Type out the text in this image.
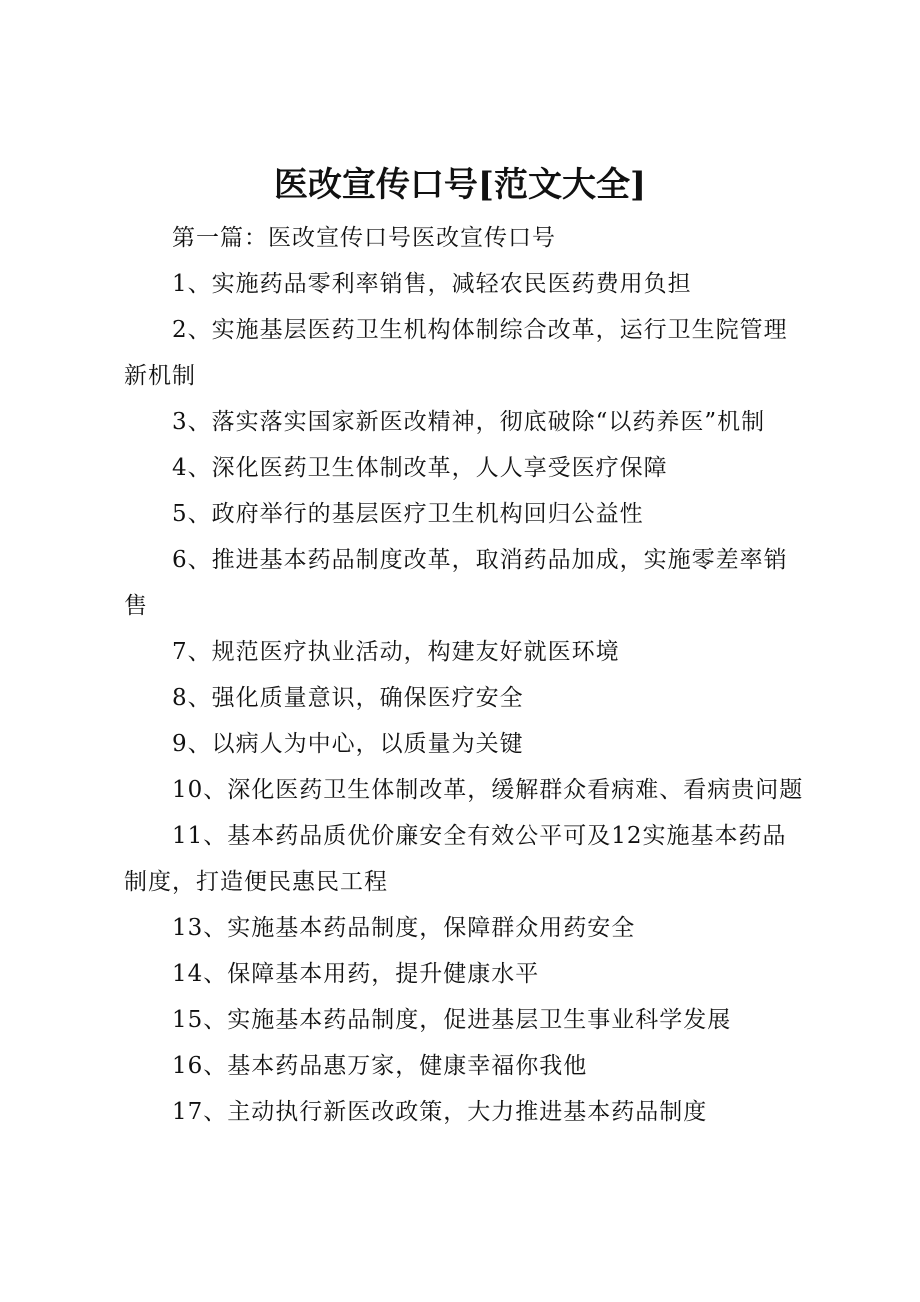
医改宣传口号[范文大全]

第一篇：医改宣传口号医改宣传口号

1、实施药品零利率销售，减轻农民医药费用负担

2、实施基层医药卫生机构体制综合改革，运行卫生院管理新机制

3、落实落实国家新医改精神，彻底破除“以药养医”机制

4、深化医药卫生体制改革，人人享受医疗保障

5、政府举行的基层医疗卫生机构回归公益性

6、推进基本药品制度改革，取消药品加成，实施零差率销售

7、规范医疗执业活动，构建友好就医环境

8、强化质量意识，确保医疗安全

9、以病人为中心，以质量为关键

10、深化医药卫生体制改革，缓解群众看病难、看病贵问题

11、基本药品质优价廉安全有效公平可及12实施基本药品制度，打造便民惠民工程

13、实施基本药品制度，保障群众用药安全

14、保障基本用药，提升健康水平

15、实施基本药品制度，促进基层卫生事业科学发展

16、基本药品惠万家，健康幸福你我他

17、主动执行新医改政策，大力推进基本药品制度
